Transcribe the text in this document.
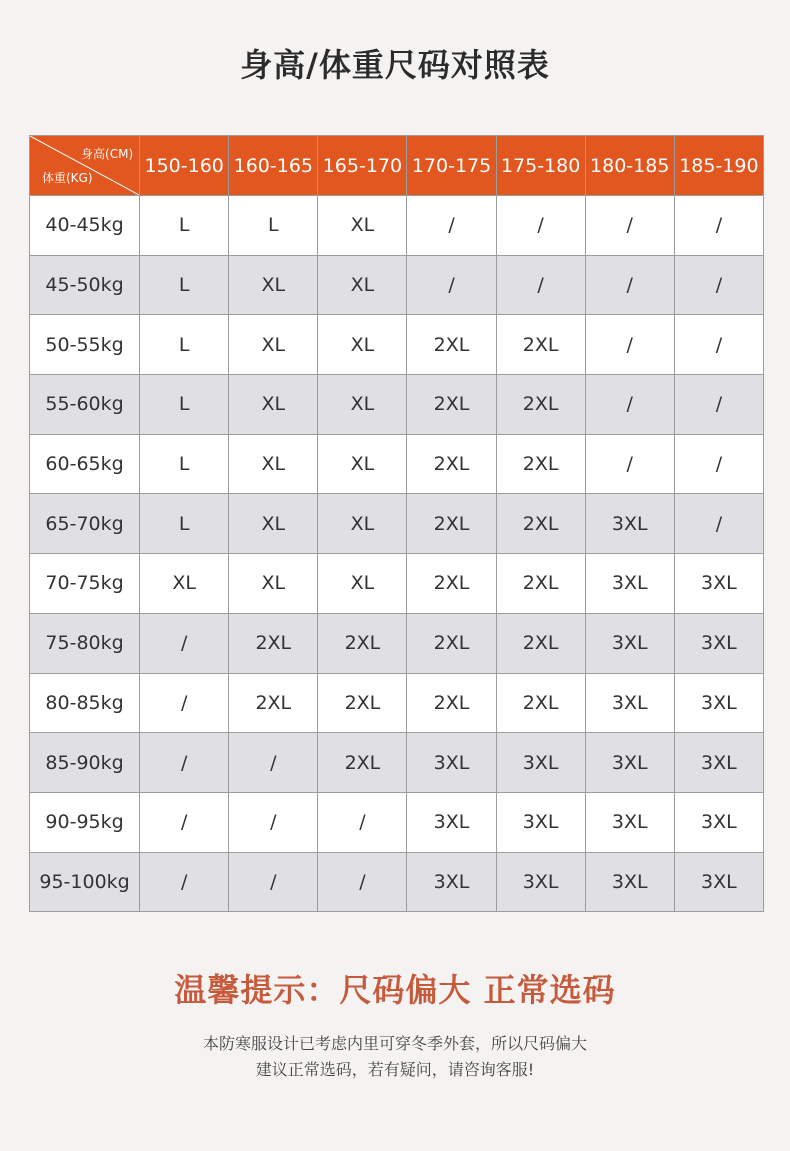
身高/体重尺码对照表
身高(CM)
体重(KG)	150-160	160-165	165-170	170-175	175-180	180-185	185-190
40-45kg	L	L	XL	/	/	/	/
45-50kg	L	XL	XL	/	/	/	/
50-55kg	L	XL	XL	2XL	2XL	/	/
55-60kg	L	XL	XL	2XL	2XL	/	/
60-65kg	L	XL	XL	2XL	2XL	/	/
65-70kg	L	XL	XL	2XL	2XL	3XL	/
70-75kg	XL	XL	XL	2XL	2XL	3XL	3XL
75-80kg	/	2XL	2XL	2XL	2XL	3XL	3XL
80-85kg	/	2XL	2XL	2XL	2XL	3XL	3XL
85-90kg	/	/	2XL	3XL	3XL	3XL	3XL
90-95kg	/	/	/	3XL	3XL	3XL	3XL
95-100kg	/	/	/	3XL	3XL	3XL	3XL
温馨提示：尺码偏大 正常选码
本防寒服设计已考虑内里可穿冬季外套，所以尺码偏大
建议正常选码，若有疑问，请咨询客服!
